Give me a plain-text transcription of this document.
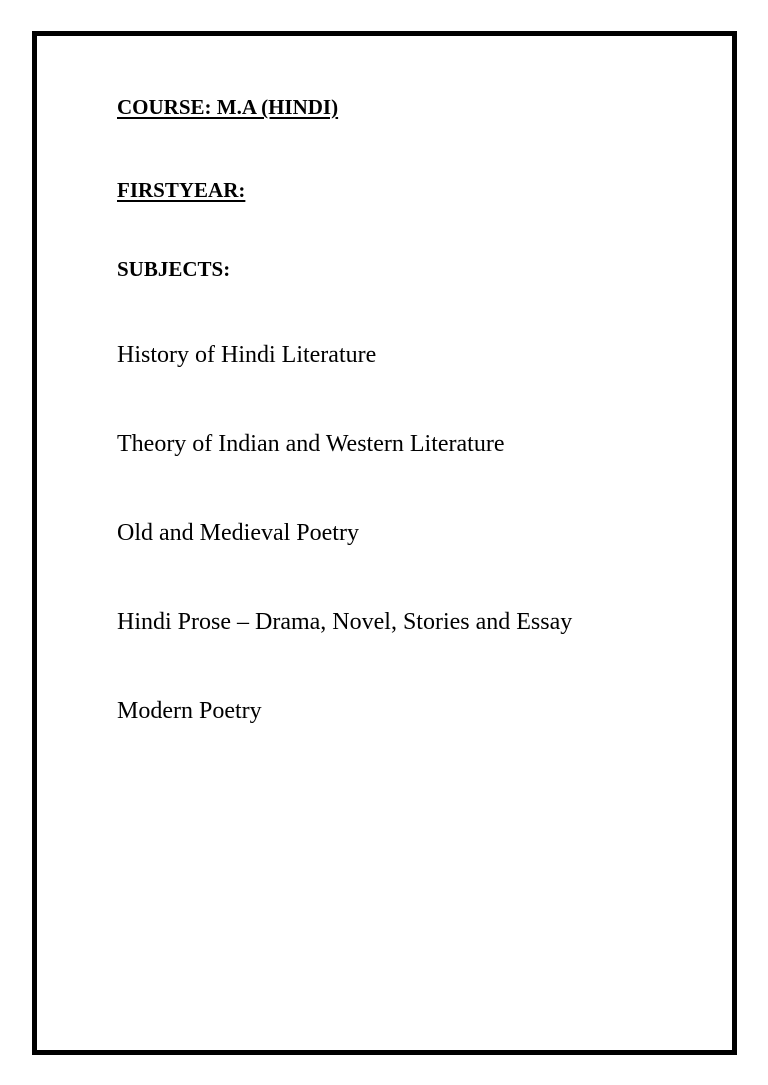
COURSE: M.A (HINDI)
FIRSTYEAR:
SUBJECTS:
History of Hindi Literature
Theory of Indian and Western Literature
Old and Medieval Poetry
Hindi Prose – Drama, Novel, Stories and Essay
Modern Poetry
